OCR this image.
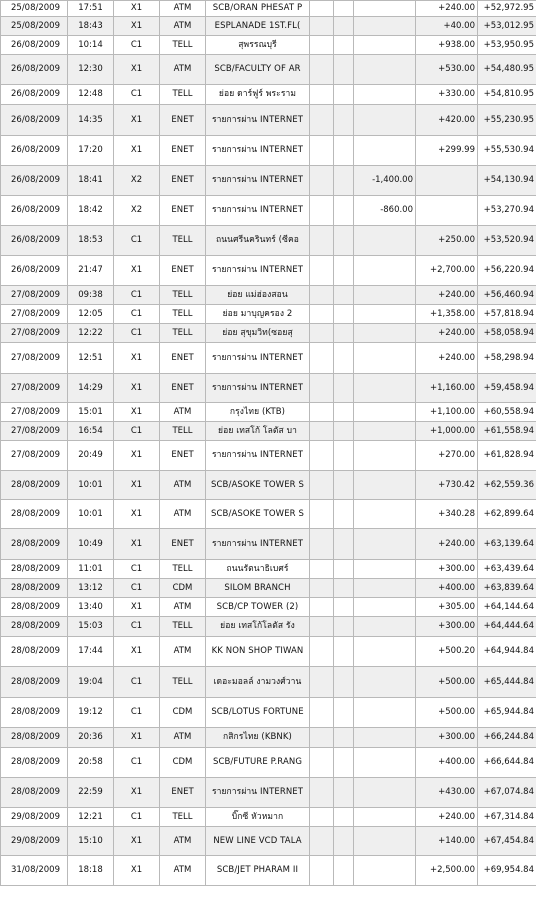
25/08/2009	17:51	X1	ATM	SCB/ORAN PHESAT P				+240.00	+52,972.95
25/08/2009	18:43	X1	ATM	ESPLANADE 1ST.FL(				+40.00	+53,012.95
26/08/2009	10:14	C1	TELL	สุพรรณบุรี				+938.00	+53,950.95
26/08/2009	12:30	X1	ATM	SCB/FACULTY OF AR				+530.00	+54,480.95
26/08/2009	12:48	C1	TELL	ย่อย ดาร์ฟูร์ พระราม				+330.00	+54,810.95
26/08/2009	14:35	X1	ENET	รายการผ่าน INTERNET				+420.00	+55,230.95
26/08/2009	17:20	X1	ENET	รายการผ่าน INTERNET				+299.99	+55,530.94
26/08/2009	18:41	X2	ENET	รายการผ่าน INTERNET			-1,400.00		+54,130.94
26/08/2009	18:42	X2	ENET	รายการผ่าน INTERNET			-860.00		+53,270.94
26/08/2009	18:53	C1	TELL	ถนนศรีนครินทร์ (ซีคอ				+250.00	+53,520.94
26/08/2009	21:47	X1	ENET	รายการผ่าน INTERNET				+2,700.00	+56,220.94
27/08/2009	09:38	C1	TELL	ย่อย แม่ฮ่องสอน				+240.00	+56,460.94
27/08/2009	12:05	C1	TELL	ย่อย มาบุญครอง 2				+1,358.00	+57,818.94
27/08/2009	12:22	C1	TELL	ย่อย สุขุมวิท(ซอยสุ				+240.00	+58,058.94
27/08/2009	12:51	X1	ENET	รายการผ่าน INTERNET				+240.00	+58,298.94
27/08/2009	14:29	X1	ENET	รายการผ่าน INTERNET				+1,160.00	+59,458.94
27/08/2009	15:01	X1	ATM	กรุงไทย (KTB)				+1,100.00	+60,558.94
27/08/2009	16:54	C1	TELL	ย่อย เทสโก้ โลตัส บา				+1,000.00	+61,558.94
27/08/2009	20:49	X1	ENET	รายการผ่าน INTERNET				+270.00	+61,828.94
28/08/2009	10:01	X1	ATM	SCB/ASOKE TOWER S				+730.42	+62,559.36
28/08/2009	10:01	X1	ATM	SCB/ASOKE TOWER S				+340.28	+62,899.64
28/08/2009	10:49	X1	ENET	รายการผ่าน INTERNET				+240.00	+63,139.64
28/08/2009	11:01	C1	TELL	ถนนรัตนาธิเบศร์				+300.00	+63,439.64
28/08/2009	13:12	C1	CDM	SILOM BRANCH				+400.00	+63,839.64
28/08/2009	13:40	X1	ATM	SCB/CP TOWER (2)				+305.00	+64,144.64
28/08/2009	15:03	C1	TELL	ย่อย เทสโก้โลตัส รัง				+300.00	+64,444.64
28/08/2009	17:44	X1	ATM	KK NON SHOP TIWAN				+500.20	+64,944.84
28/08/2009	19:04	C1	TELL	เดอะมอลล์ งามวงศ์วาน				+500.00	+65,444.84
28/08/2009	19:12	C1	CDM	SCB/LOTUS FORTUNE				+500.00	+65,944.84
28/08/2009	20:36	X1	ATM	กสิกรไทย (KBNK)				+300.00	+66,244.84
28/08/2009	20:58	C1	CDM	SCB/FUTURE P.RANG				+400.00	+66,644.84
28/08/2009	22:59	X1	ENET	รายการผ่าน INTERNET				+430.00	+67,074.84
29/08/2009	12:21	C1	TELL	บิ๊กซี หัวหมาก				+240.00	+67,314.84
29/08/2009	15:10	X1	ATM	NEW LINE VCD TALA				+140.00	+67,454.84
31/08/2009	18:18	X1	ATM	SCB/JET PHARAM II				+2,500.00	+69,954.84
